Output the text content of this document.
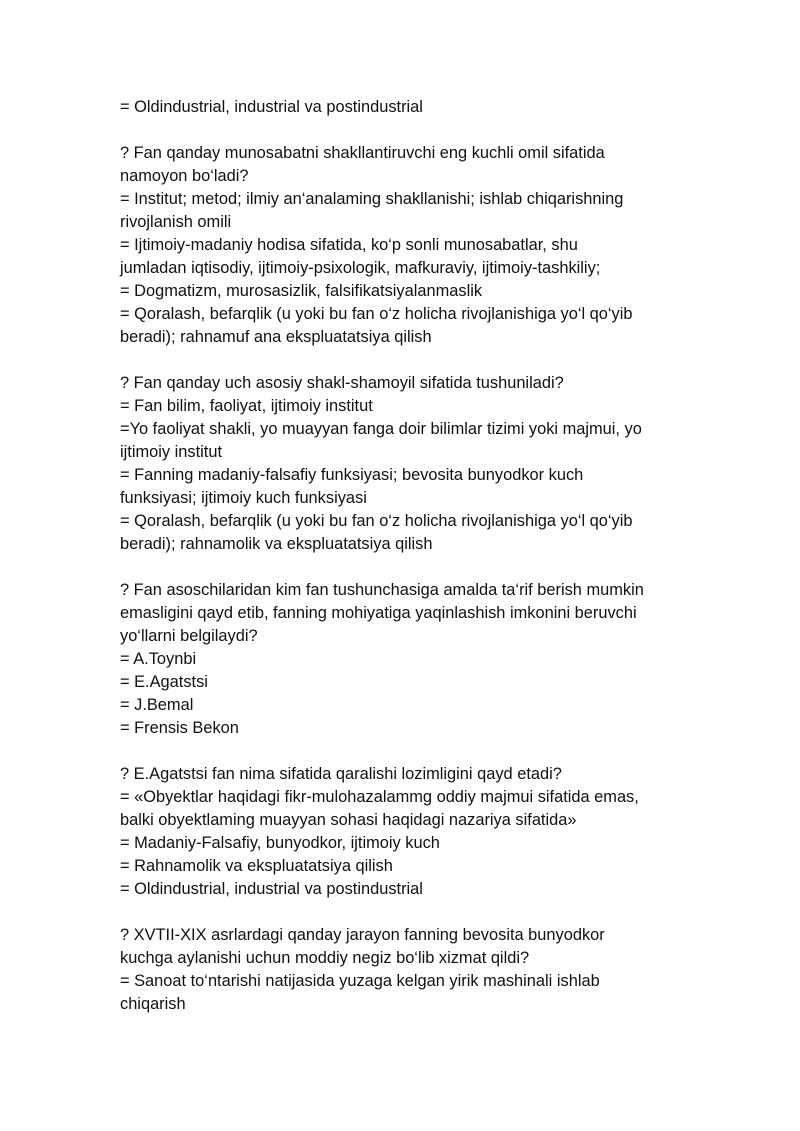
= Oldindustrial, industrial va postindustrial
? Fan qanday munosabatni shakllantiruvchi eng kuchli omil sifatida
namoyon bo‘ladi?
= Institut; metod; ilmiy an‘analaming shakllanishi; ishlab chiqarishning
rivojlanish omili
= Ijtimoiy-madaniy hodisa sifatida, ko‘p sonli munosabatlar, shu
jumladan iqtisodiy, ijtimoiy-psixologik, mafkuraviy, ijtimoiy-tashkiliy;
= Dogmatizm, murosasizlik, falsifikatsiyalanmaslik
= Qoralash, befarqlik (u yoki bu fan o‘z holicha rivojlanishiga yo‘l qo‘yib
beradi); rahnamuf ana ekspluatatsiya qilish
? Fan qanday uch asosiy shakl-shamoyil sifatida tushuniladi?
= Fan bilim, faoliyat, ijtimoiy institut
=Yo faoliyat shakli, yo muayyan fanga doir bilimlar tizimi yoki majmui, yo
ijtimoiy institut
= Fanning madaniy-falsafiy funksiyasi; bevosita bunyodkor kuch
funksiyasi; ijtimoiy kuch funksiyasi
= Qoralash, befarqlik (u yoki bu fan o‘z holicha rivojlanishiga yo‘l qo‘yib
beradi); rahnamolik va ekspluatatsiya qilish
? Fan asoschilaridan kim fan tushunchasiga amalda ta‘rif berish mumkin
emasligini qayd etib, fanning mohiyatiga yaqinlashish imkonini beruvchi
yo‘llarni belgilaydi?
= A.Toynbi
= E.Agatstsi
= J.Bemal
= Frensis Bekon
? E.Agatstsi fan nima sifatida qaralishi lozimligini qayd etadi?
= «Obyektlar haqidagi fikr-mulohazalammg oddiy majmui sifatida emas,
balki obyektlaming muayyan sohasi haqidagi nazariya sifatida»
= Madaniy-Falsafiy, bunyodkor, ijtimoiy kuch
= Rahnamolik va ekspluatatsiya qilish
= Oldindustrial, industrial va postindustrial
? XVTII-XIX asrlardagi qanday jarayon fanning bevosita bunyodkor
kuchga aylanishi uchun moddiy negiz bo‘lib xizmat qildi?
= Sanoat to‘ntarishi natijasida yuzaga kelgan yirik mashinali ishlab
chiqarish
